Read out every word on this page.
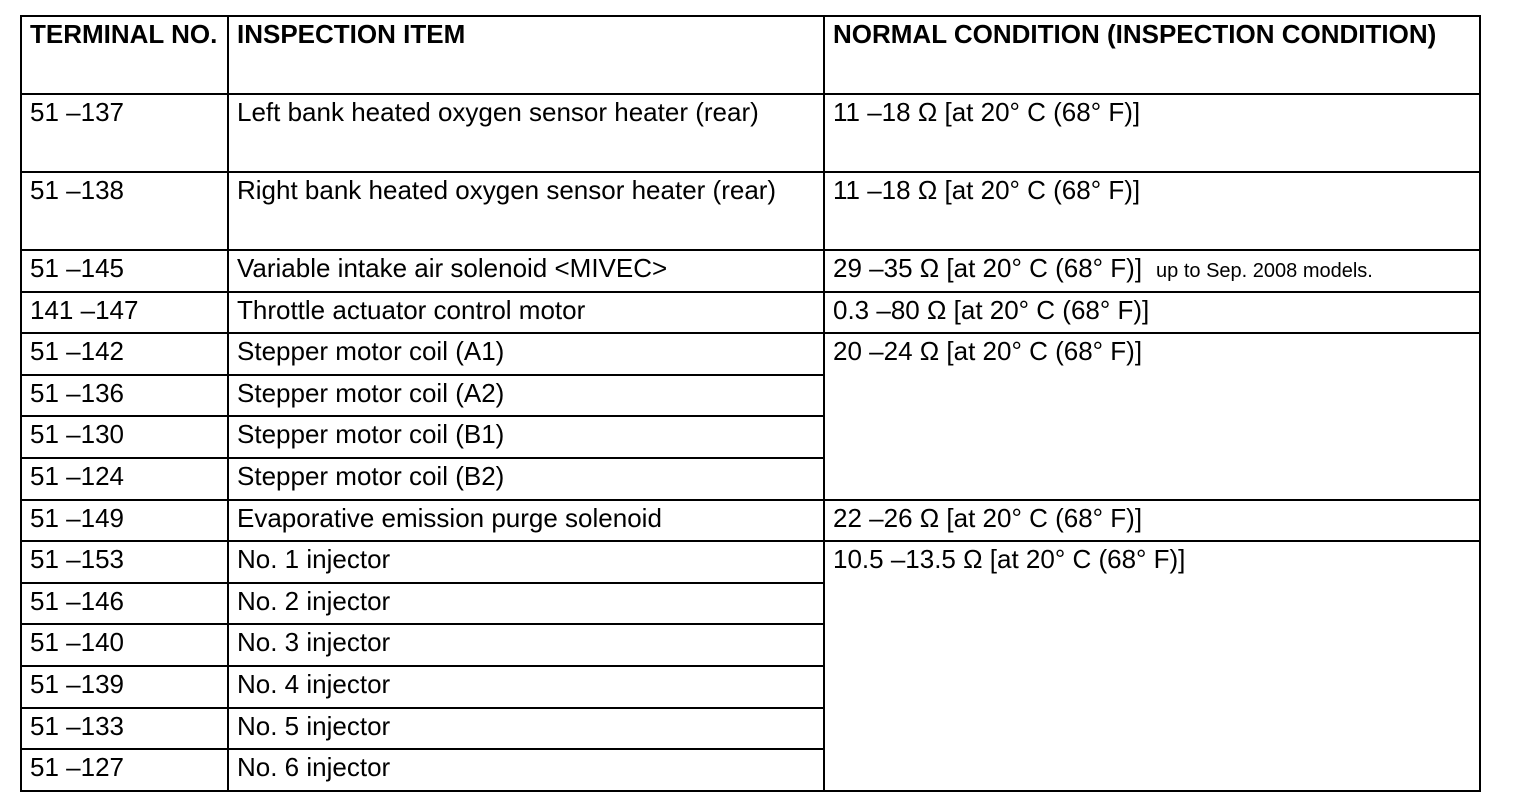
TERMINAL NO.	INSPECTION ITEM	NORMAL CONDITION (INSPECTION CONDITION)
51 –137	Left bank heated oxygen sensor heater (rear)	11 –18 Ω [at 20° C (68° F)]
51 –138	Right bank heated oxygen sensor heater (rear)	11 –18 Ω [at 20° C (68° F)]
51 –145	Variable intake air solenoid <MIVEC>	29 –35 Ω [at 20° C (68° F)] up to Sep. 2008 models.
141 –147	Throttle actuator control motor	0.3 –80 Ω [at 20° C (68° F)]
51 –142	Stepper motor coil (A1)	20 –24 Ω [at 20° C (68° F)]
51 –136	Stepper motor coil (A2)	
51 –130	Stepper motor coil (B1)	
51 –124	Stepper motor coil (B2)	
51 –149	Evaporative emission purge solenoid	22 –26 Ω [at 20° C (68° F)]
51 –153	No. 1 injector	10.5 –13.5 Ω [at 20° C (68° F)]
51 –146	No. 2 injector	
51 –140	No. 3 injector	
51 –139	No. 4 injector	
51 –133	No. 5 injector	
51 –127	No. 6 injector	
